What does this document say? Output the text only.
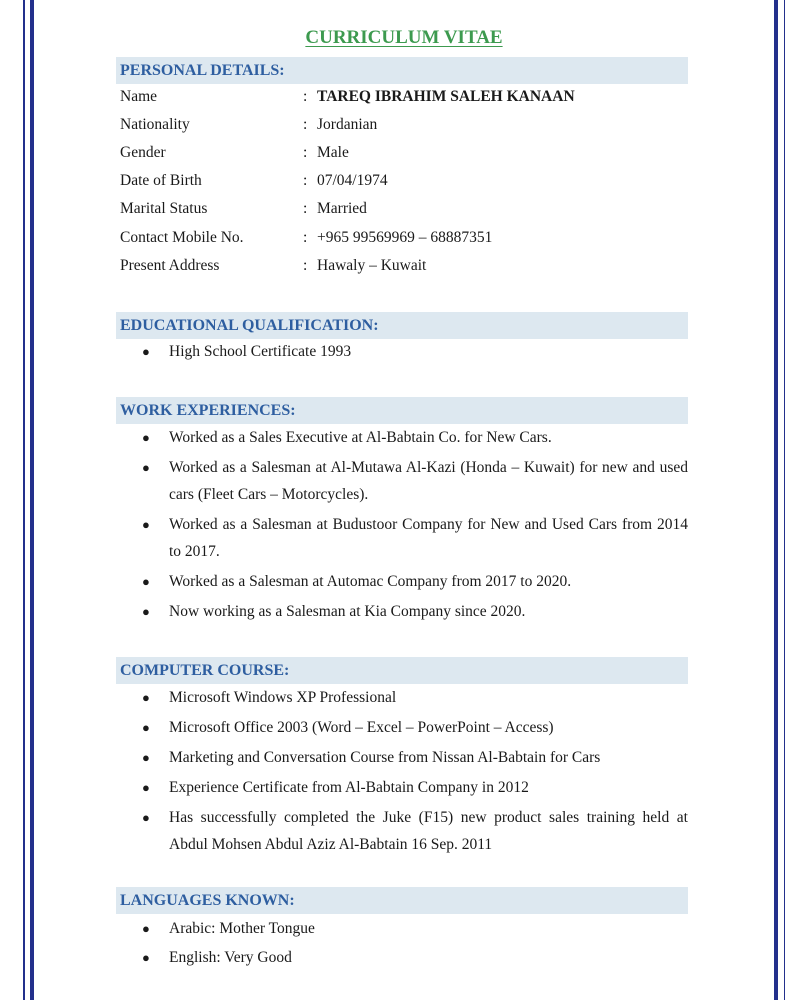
CURRICULUM VITAE
PERSONAL DETAILS:
Name	: TAREQ IBRAHIM SALEH KANAAN
Nationality	: Jordanian
Gender	: Male
Date of Birth	: 07/04/1974
Marital Status	: Married
Contact Mobile No.	: +965 99569969 – 68887351
Present Address	: Hawaly – Kuwait
EDUCATIONAL QUALIFICATION:
● High School Certificate 1993
WORK EXPERIENCES:
● Worked as a Sales Executive at Al-Babtain Co. for New Cars.
● Worked as a Salesman at Al-Mutawa Al-Kazi (Honda – Kuwait) for new and used cars (Fleet Cars – Motorcycles).
● Worked as a Salesman at Budustoor Company for New and Used Cars from 2014 to 2017.
● Worked as a Salesman at Automac Company from 2017 to 2020.
● Now working as a Salesman at Kia Company since 2020.
COMPUTER COURSE:
● Microsoft Windows XP Professional
● Microsoft Office 2003 (Word – Excel – PowerPoint – Access)
● Marketing and Conversation Course from Nissan Al-Babtain for Cars
● Experience Certificate from Al-Babtain Company in 2012
● Has successfully completed the Juke (F15) new product sales training held at Abdul Mohsen Abdul Aziz Al-Babtain 16 Sep. 2011
LANGUAGES KNOWN:
● Arabic: Mother Tongue
● English: Very Good
